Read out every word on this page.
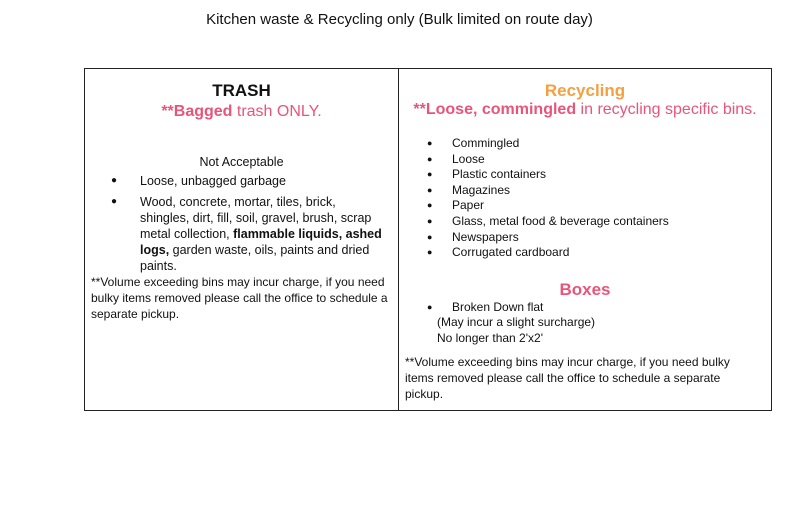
Kitchen waste & Recycling only (Bulk limited on route day)
TRASH
**Bagged trash ONLY.
Not Acceptable
● Loose, unbagged garbage
● Wood, concrete, mortar, tiles, brick, shingles, dirt, fill, soil, gravel, brush, scrap metal collection, flammable liquids, ashed logs, garden waste, oils, paints and dried paints.
**Volume exceeding bins may incur charge, if you need bulky items removed please call the office to schedule a separate pickup.
Recycling
**Loose, commingled in recycling specific bins.
● Commingled
● Loose
● Plastic containers
● Magazines
● Paper
● Glass, metal food & beverage containers
● Newspapers
● Corrugated cardboard
Boxes
● Broken Down flat
(May incur a slight surcharge)
No longer than 2'x2'
**Volume exceeding bins may incur charge, if you need bulky items removed please call the office to schedule a separate pickup.
